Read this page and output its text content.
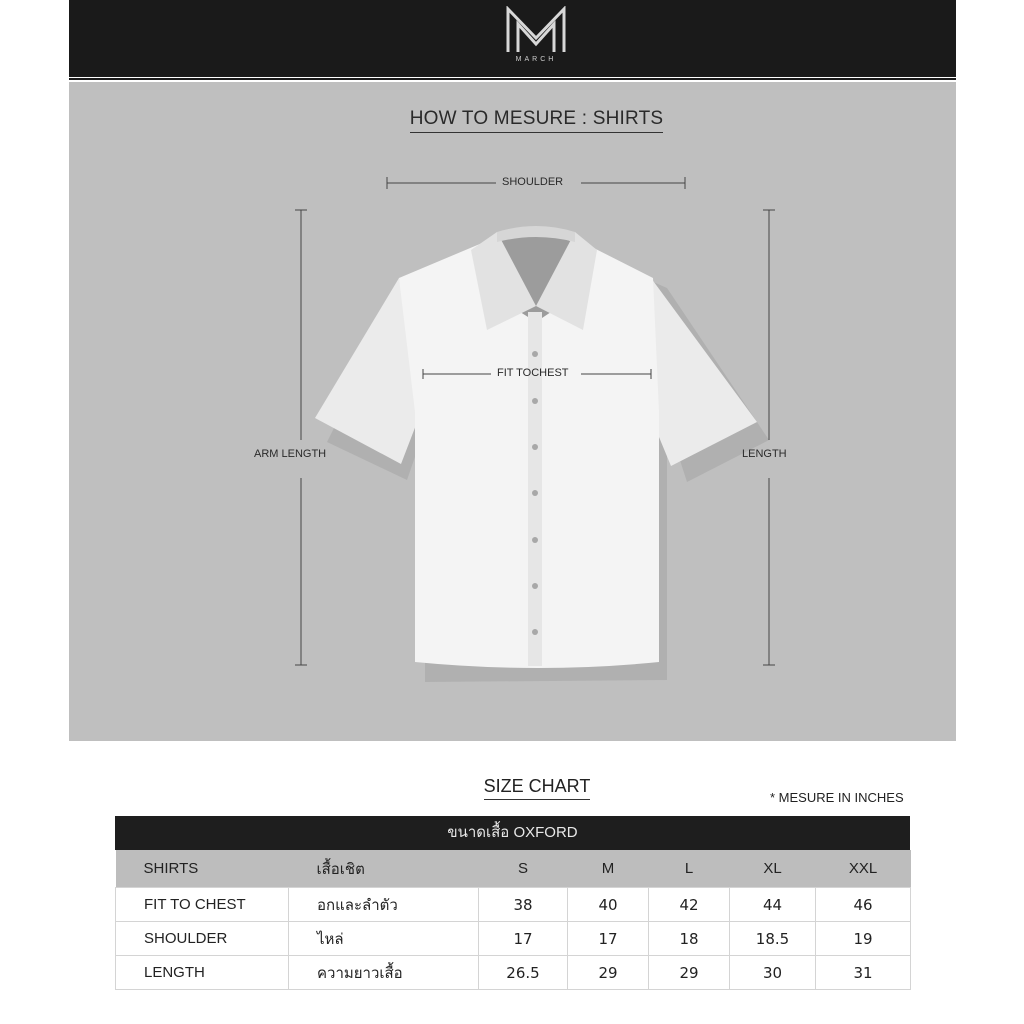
MARCH
HOW TO MESURE : SHIRTS
SHOULDER
FIT TOCHEST
ARM LENGTH	LENGTH
SIZE CHART
* MESURE IN INCHES
ขนาดเสื้อ OXFORD
SHIRTS	เสื้อเชิต	S	M	L	XL	XXL
FIT TO CHEST	อกและลำตัว	38	40	42	44	46
SHOULDER	ไหล่	17	17	18	18.5	19
LENGTH	ความยาวเสื้อ	26.5	29	29	30	31
